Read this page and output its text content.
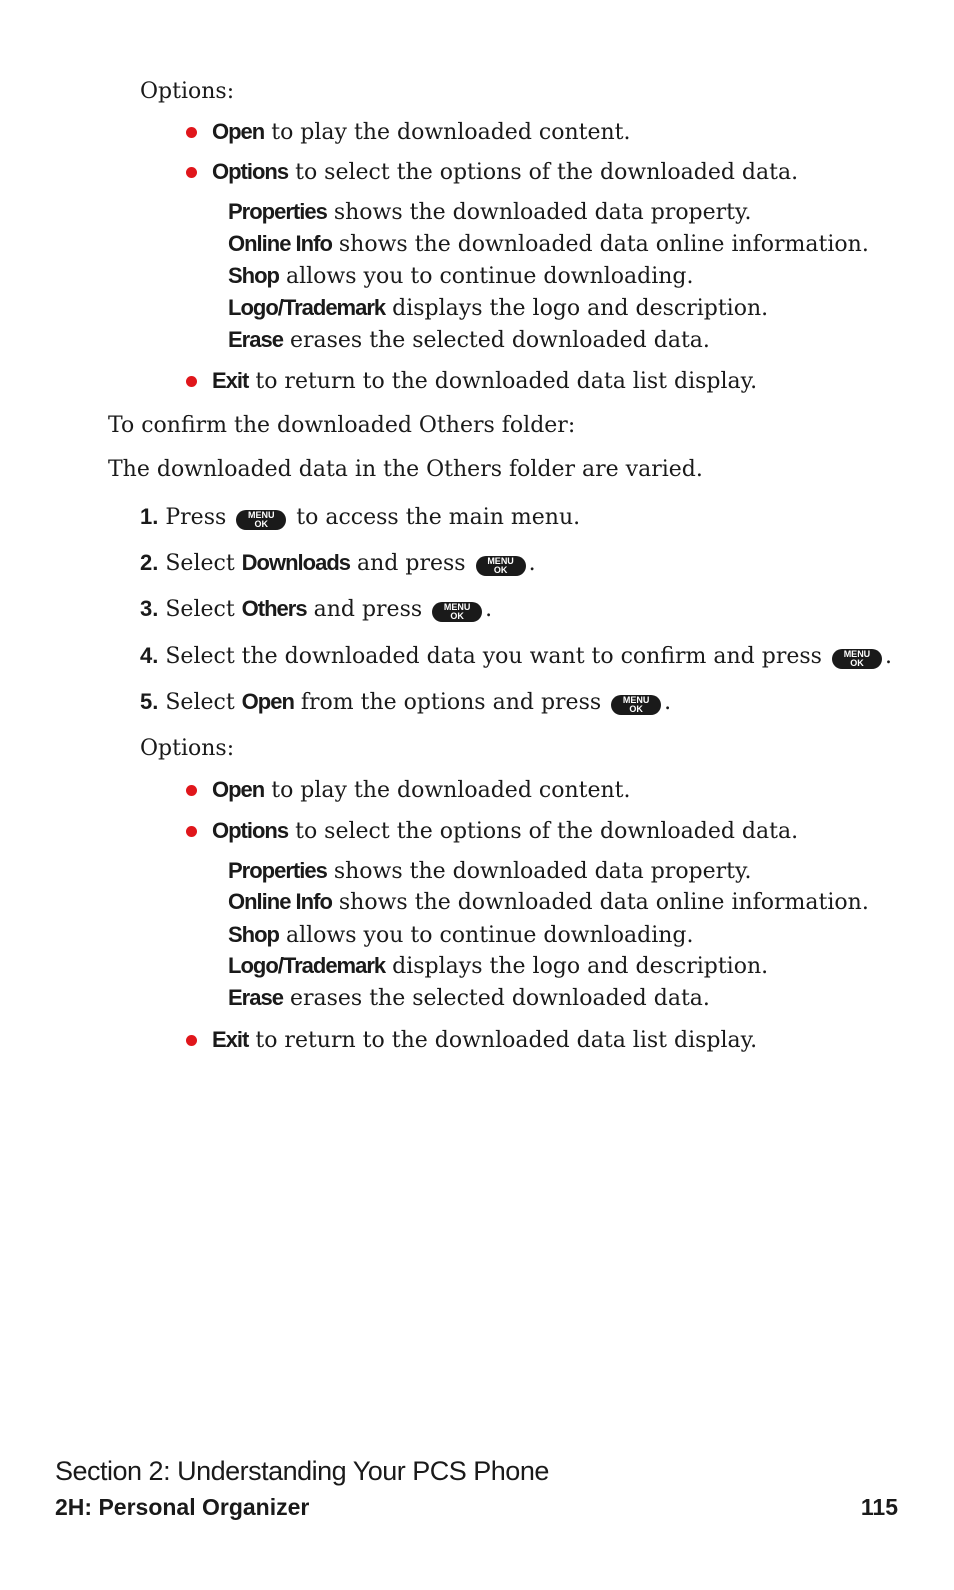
Options:
Open to play the downloaded content.
Options to select the options of the downloaded data.
Properties shows the downloaded data property.
Online Info shows the downloaded data online information.
Shop allows you to continue downloading.
Logo/Trademark displays the logo and description.
Erase erases the selected downloaded data.
Exit to return to the downloaded data list display.
To confirm the downloaded Others folder:
The downloaded data in the Others folder are varied.
1. Press	MENU
OK to access the main menu.
2. Select Downloads and press	MENU
OK .
3. Select Others and press	MENU
OK .
4. Select the downloaded data you want to confirm and press	MENU
OK .
5. Select Open from the options and press	MENU
OK .
Options:
Open to play the downloaded content.
Options to select the options of the downloaded data.
Properties shows the downloaded data property.
Online Info shows the downloaded data online information.
Shop allows you to continue downloading.
Logo/Trademark displays the logo and description.
Erase erases the selected downloaded data.
Exit to return to the downloaded data list display.
Section 2: Understanding Your PCS Phone
2H: Personal Organizer	115
